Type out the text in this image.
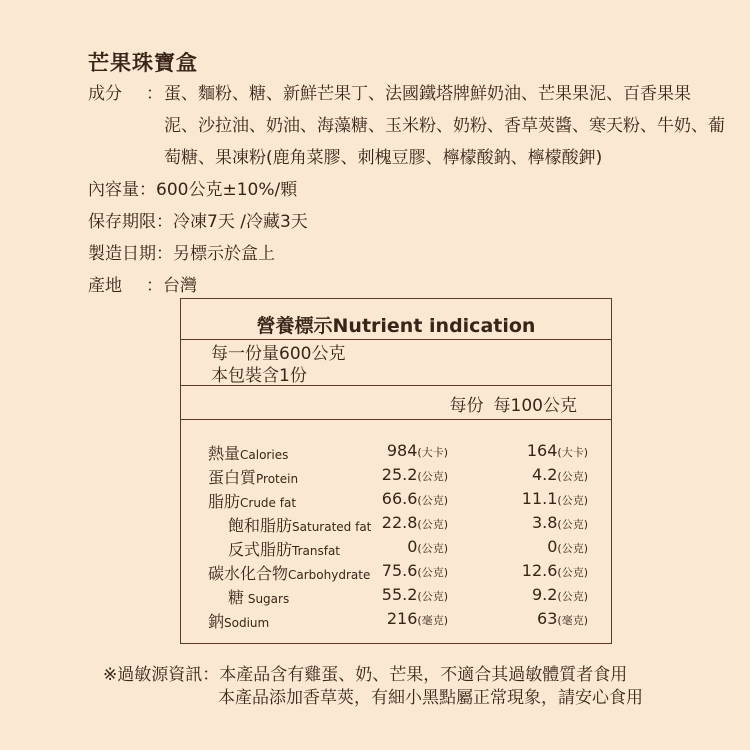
芒果珠寶盒
成分 ： 蛋、麵粉、糖、新鮮芒果丁、法國鐵塔牌鮮奶油、芒果果泥、百香果果
泥、沙拉油、奶油、海藻糖、玉米粉、奶粉、香草莢醬、寒天粉、牛奶、葡
萄糖、果凍粉(鹿角菜膠、刺槐豆膠、檸檬酸鈉、檸檬酸鉀)
內容量：600公克±10%/顆
保存期限：冷凍7天 /冷藏3天
製造日期：另標示於盒上
產地 ：台灣
營養標示Nutrient indication
每一份量600公克
本包裝含1份
每份 每100公克
熱量Calories	984(大卡)	164(大卡)
蛋白質Protein	25.2(公克)	4.2(公克)
脂肪Crude fat	66.6(公克)	11.1(公克)
飽和脂肪Saturated fat 22.8(公克)	3.8(公克)
反式脂肪Transfat	0(公克)	0(公克)
碳水化合物Carbohydrate 75.6(公克)	12.6(公克)
糖 Sugars	55.2(公克)	9.2(公克)
鈉Sodium	216(毫克)	63(毫克)
※過敏源資訊：本產品含有雞蛋、奶、芒果，不適合其過敏體質者食用
本產品添加香草莢，有細小黑點屬正常現象，請安心食用
